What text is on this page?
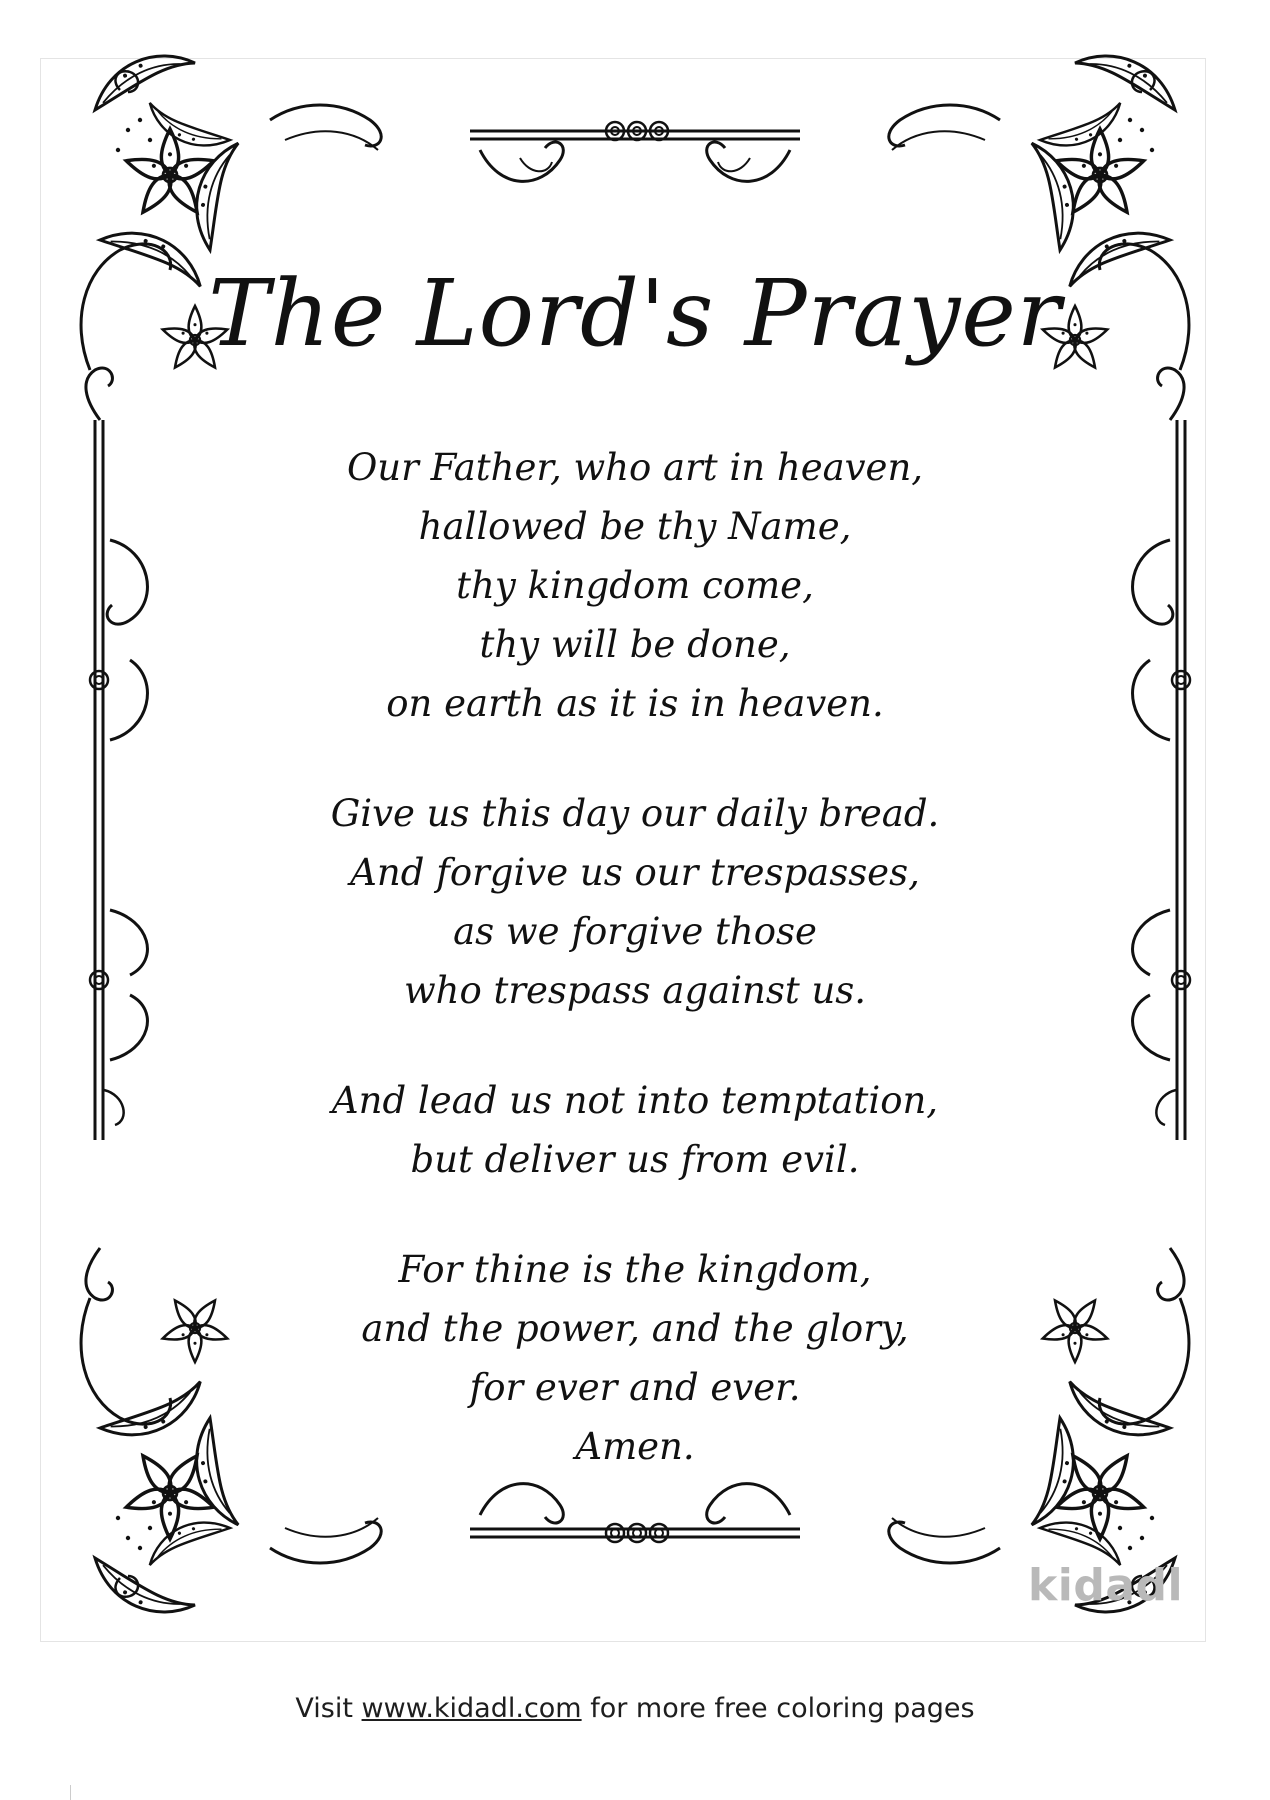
The Lord's Prayer
Our Father, who art in heaven,
hallowed be thy Name,
thy kingdom come,
thy will be done,
on earth as it is in heaven.
Give us this day our daily bread.
And forgive us our trespasses,
as we forgive those
who trespass against us.
And lead us not into temptation,
but deliver us from evil.
For thine is the kingdom,
and the power, and the glory,
for ever and ever.
Amen.
kidadl
Visit www.kidadl.com for more free coloring pages
